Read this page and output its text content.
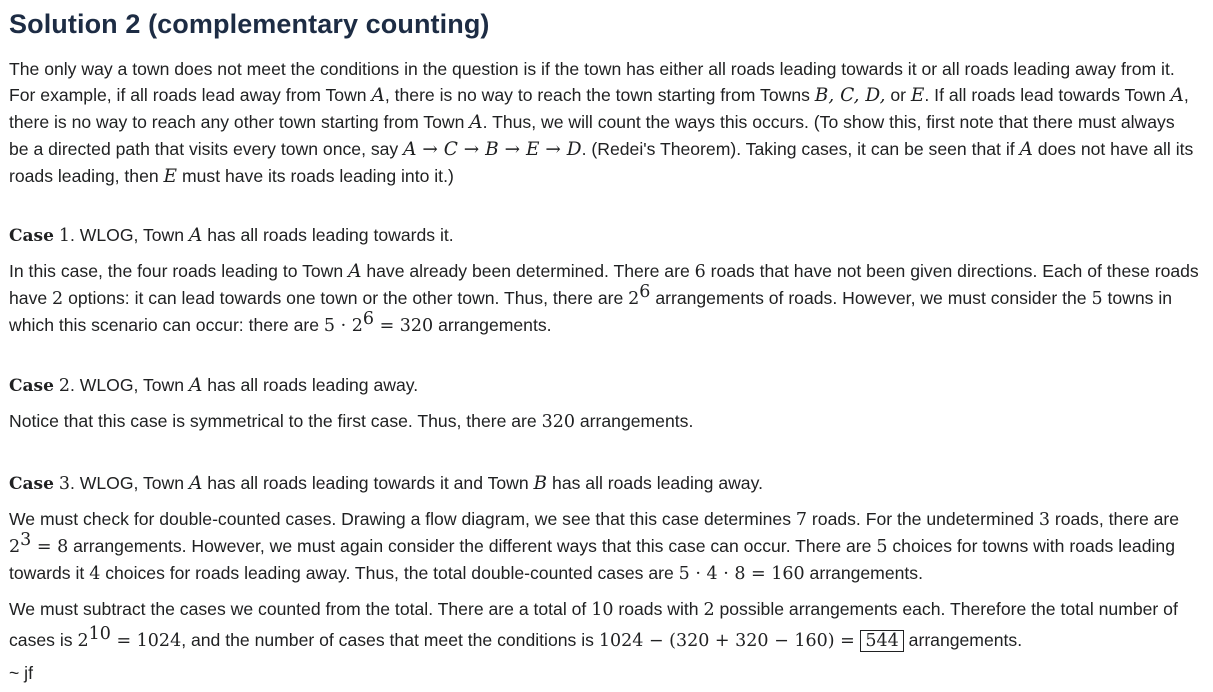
Solution 2 (complementary counting)

The only way a town does not meet the conditions in the question is if the town has either all roads leading towards it or all roads leading away from it. For example, if all roads lead away from Town A, there is no way to reach the town starting from Towns B, C, D, or E. If all roads lead towards Town A, there is no way to reach any other town starting from Town A. Thus, we will count the ways this occurs. (To show this, first note that there must always be a directed path that visits every town once, say A → C → B → E → D. (Redei's Theorem). Taking cases, it can be seen that if A does not have all its roads leading, then E must have its roads leading into it.)

Case 1. WLOG, Town A has all roads leading towards it.

In this case, the four roads leading to Town A have already been determined. There are 6 roads that have not been given directions. Each of these roads have 2 options: it can lead towards one town or the other town. Thus, there are $2^6$ arrangements of roads. However, we must consider the 5 towns in which this scenario can occur: there are $5 \cdot 2^6 = 320$ arrangements.

Case 2. WLOG, Town A has all roads leading away.

Notice that this case is symmetrical to the first case. Thus, there are 320 arrangements.

Case 3. WLOG, Town A has all roads leading towards it and Town B has all roads leading away.

We must check for double-counted cases. Drawing a flow diagram, we see that this case determines 7 roads. For the undetermined 3 roads, there are $2^3 = 8$ arrangements. However, we must again consider the different ways that this case can occur. There are 5 choices for towns with roads leading towards it 4 choices for roads leading away. Thus, the total double-counted cases are 5 · 4 · 8 = 160 arrangements.

We must subtract the cases we counted from the total. There are a total of 10 roads with 2 possible arrangements each. Therefore the total number of cases is $2^{10} = 1024$, and the number of cases that meet the conditions is 1024 − (320 + 320 − 160) = 544 arrangements.

~ jf
